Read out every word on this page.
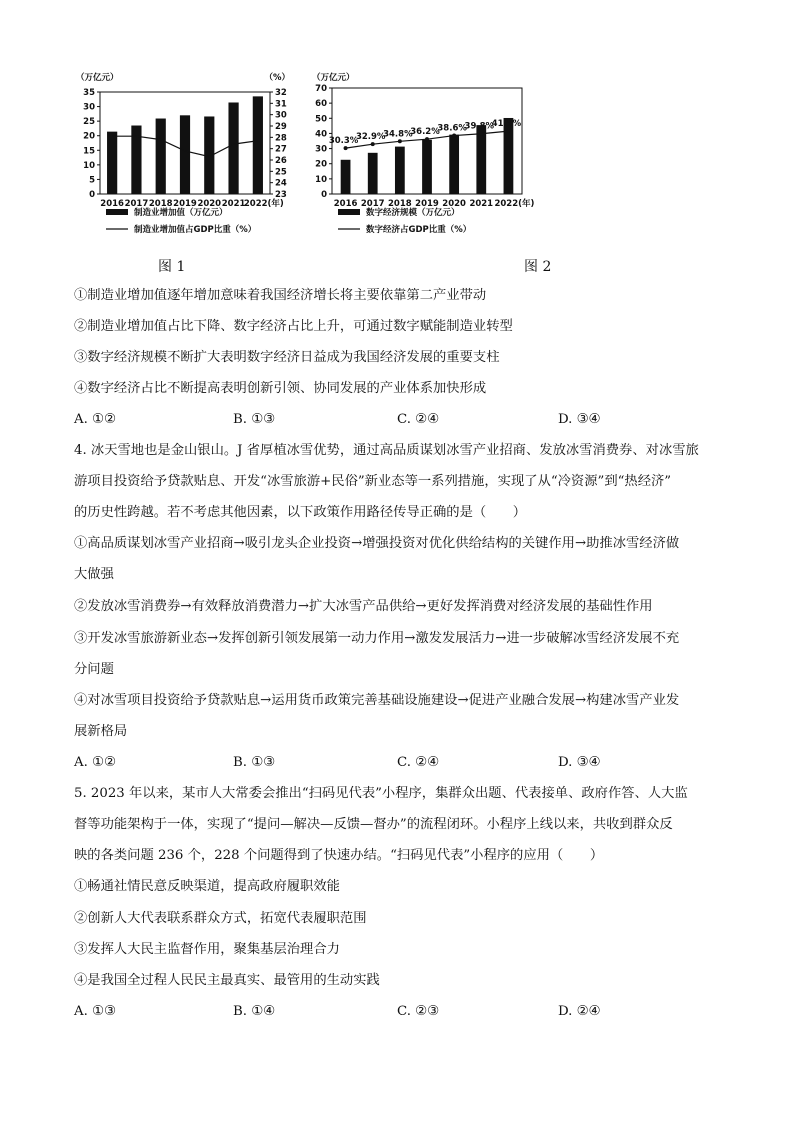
（万亿元）	（%）
0
5
10
15
20
25
30
35
23
24
25
26
27
28
29
30
31
32
2016 2017 2018 2019 2020 2021
2022(年)
制造业增加值（万亿元）
制造业增加值占GDP比重（%）
图 1
（万亿元）
0
10
20
30
40
50
60
70
2016 2017 2018 2019 2020 2021 2022(年)
30.3%
32.9%
34.8%
36.2%
38.6%
39.8%
41.5%
数字经济规模（万亿元）
数字经济占GDP比重（%）
图 2
①制造业增加值逐年增加意味着我国经济增长将主要依靠第二产业带动
②制造业增加值占比下降、数字经济占比上升，可通过数字赋能制造业转型
③数字经济规模不断扩大表明数字经济日益成为我国经济发展的重要支柱
④数字经济占比不断提高表明创新引领、协同发展的产业体系加快形成
A. ①②	B. ①③	C. ②④	D. ③④
4. 冰天雪地也是金山银山。J 省厚植冰雪优势，通过高品质谋划冰雪产业招商、发放冰雪消费券、对冰雪旅
游项目投资给予贷款贴息、开发“冰雪旅游+民俗”新业态等一系列措施，实现了从“冷资源”到“热经济”
的历史性跨越。若不考虑其他因素，以下政策作用路径传导正确的是（　　）
①高品质谋划冰雪产业招商→吸引龙头企业投资→增强投资对优化供给结构的关键作用→助推冰雪经济做
大做强
②发放冰雪消费券→有效释放消费潜力→扩大冰雪产品供给→更好发挥消费对经济发展的基础性作用
③开发冰雪旅游新业态→发挥创新引领发展第一动力作用→激发发展活力→进一步破解冰雪经济发展不充
分问题
④对冰雪项目投资给予贷款贴息→运用货币政策完善基础设施建设→促进产业融合发展→构建冰雪产业发
展新格局
A. ①②	B. ①③	C. ②④	D. ③④
5. 2023 年以来，某市人大常委会推出“扫码见代表”小程序，集群众出题、代表接单、政府作答、人大监
督等功能架构于一体，实现了“提问—解决—反馈—督办”的流程闭环。小程序上线以来，共收到群众反
映的各类问题 236 个，228 个问题得到了快速办结。“扫码见代表”小程序的应用（　　）
①畅通社情民意反映渠道，提高政府履职效能
②创新人大代表联系群众方式，拓宽代表履职范围
③发挥人大民主监督作用，聚集基层治理合力
④是我国全过程人民民主最真实、最管用的生动实践
A. ①③	B. ①④	C. ②③	D. ②④
